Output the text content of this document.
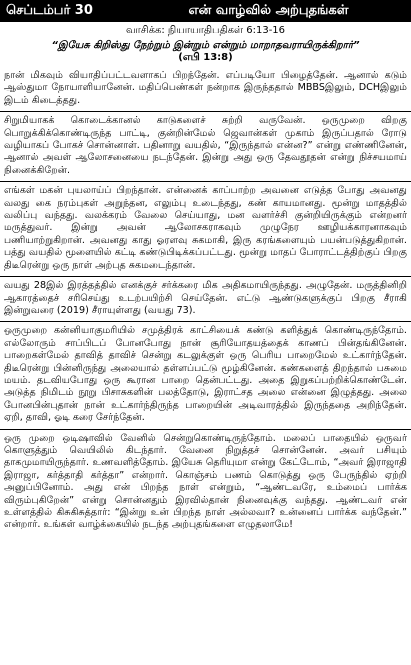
செப்டம்பர் 30	என் வாழ்வில் அற்புதங்கள்
வாசிக்க: நியாயாதிபதிகள் 6:13-16
“இயேசு கிறிஸ்து நேற்றும் இன்றும் என்றும் மாறாதவராயிருக்கிறார்”
(எபி 13:8)

நான் மிகவும் வியாதிப்பட்டவளாகப் பிறந்தேன். எப்படியோ பிழைத்தேன். ஆனால் கடும் ஆஸ்துமா நோயாளியானேன். மதிப்பெண்கள் நன்றாக இருந்ததால் MBBSஇலும், DCHஇலும் இடம் கிடைத்தது.

சிறுமியாகக் கொடைக்கானல் காடுகளைச் சுற்றி வருவேன். ஒருமுறை விறகு பொறுக்கிக்கொண்டிருந்த பாட்டி, குன்றின்மேல் ஜெவான்கள் முகாம் இருப்பதால் ரோடு வழியாகப் போகச் சொன்னாள். பதினாறு வயதில், “இருந்தால் என்ன?” என்று எண்ணினேன், ஆனால் அவள் ஆலோசனையை நடந்தேன். இன்று அது ஒரு தேவதூதன் என்று நிச்சயமாய் நினைக்கிறேன்.

எங்கள் மகன் புயலாய்ப் பிறந்தான். என்னைக் காப்பாற்ற அவனை எடுத்த போது அவனது வலது கை நரம்புகள் அறுந்தன, எலும்பு உடைந்தது, கண் காயமானது. மூன்று மாதத்தில் வலிப்பு வந்தது. வலக்கரம் வேலை செய்யாது, மன வளர்ச்சி குன்றியிருக்கும் என்றனர் மருத்துவர். இன்று அவன் ஆலோசகராகவும் முழுநேர ஊழியக்காரனாகவும் பணியாற்றுகிறான். அவனது காது ஓரளவு சுகமாகி, இரு கரங்களையும் பயன்படுத்துகிறான். பத்து வயதில் மூளையில் கட்டி கண்டுபிடிக்கப்பட்டது. மூன்று மாதப் போராட்டத்திற்குப் பிறகு திடீரென்று ஒரு நாள் அற்புத சுகமடைந்தான்.

வயது 28இல் இரத்தத்தில் எனக்குச் சர்க்கரை மிக அதிகமாயிருந்தது. அழுதேன். மருத்தினிறி ஆகாரத்தைச் சரிசெய்து உடற்பயிற்சி செய்தேன். எட்டு ஆண்டுகளுக்குப் பிறகு சீராகி இன்றுவரை (2019) சீராயுள்ளது (வயது 73).

ஒருமுறை கன்னியாகுமரியில் சமுத்திரக் காட்சியைக் கண்டு களித்துக் கொண்டிருந்தோம். எல்லோரும் சாப்பிடப் போனபோது நான் சூரியோதயத்தைக் காணப் பின்தங்கினேன். பாறைகள்மேல் தாவித் தாவிச் சென்று கடலுக்குள் ஒரு பெரிய பாறைமேல் உட்கார்ந்தேன். திடீரென்று பின்னிருந்து அலையால் தள்ளப்பட்டு மூழ்கினேன். கண்களைத் திறந்தால் பசுமை மயம். தடவியபோது ஒரு கூரான பாறை தென்பட்டது. அதை இறுகப்பற்றிக்கொண்டேன். அடுத்த நிமிடம் நூறு பிசாசுகளின் பலத்தோடு, இராட்சத அலை என்னை இழுத்தது. அலை போனபின்புதான் நான் உட்கார்ந்திருந்த பாறையின் அடிவாரத்தில் இருந்ததை அறிந்தேன். ஏறி, தாவி, ஓடி கரை சேர்ந்தேன்.

ஒரு முறை ஒடிஷாவில் வேனில் சென்றுகொண்டிருந்தோம். மலைப் பாதையில் ஒருவர் கொளுத்தும் வெயிலில் கிடந்தார். வேனை நிறுத்தச் சொன்னேன். அவர் பசியும் தாகமுமாயிருந்தார். உணவளித்தோம். இயேசு தெரியுமா என்று கேட்டோம், “அவர் இராஜாதி இராஜா, கர்த்தாதி கர்த்தா” என்றார். கொஞ்சம் பணம் கொடுத்து ஒரு பேருந்தில் ஏற்றி அனுப்பினோம். அது என் பிறந்த நாள் என்றும், “ஆண்டவரே, உம்மைப் பார்க்க விரும்புகிறேன்” என்று சொன்னதும் இரவில்தான் நினைவுக்கு வந்தது. ஆண்டவர் என் உள்ளத்தில் கிசுகிசுத்தார்: “இன்று உன் பிறந்த நாள் அல்லவா? உன்னைப் பார்க்க வந்தேன்.” என்றார். உங்கள் வாழ்க்கையில் நடந்த அற்புதங்களை எழுதலாமே!
